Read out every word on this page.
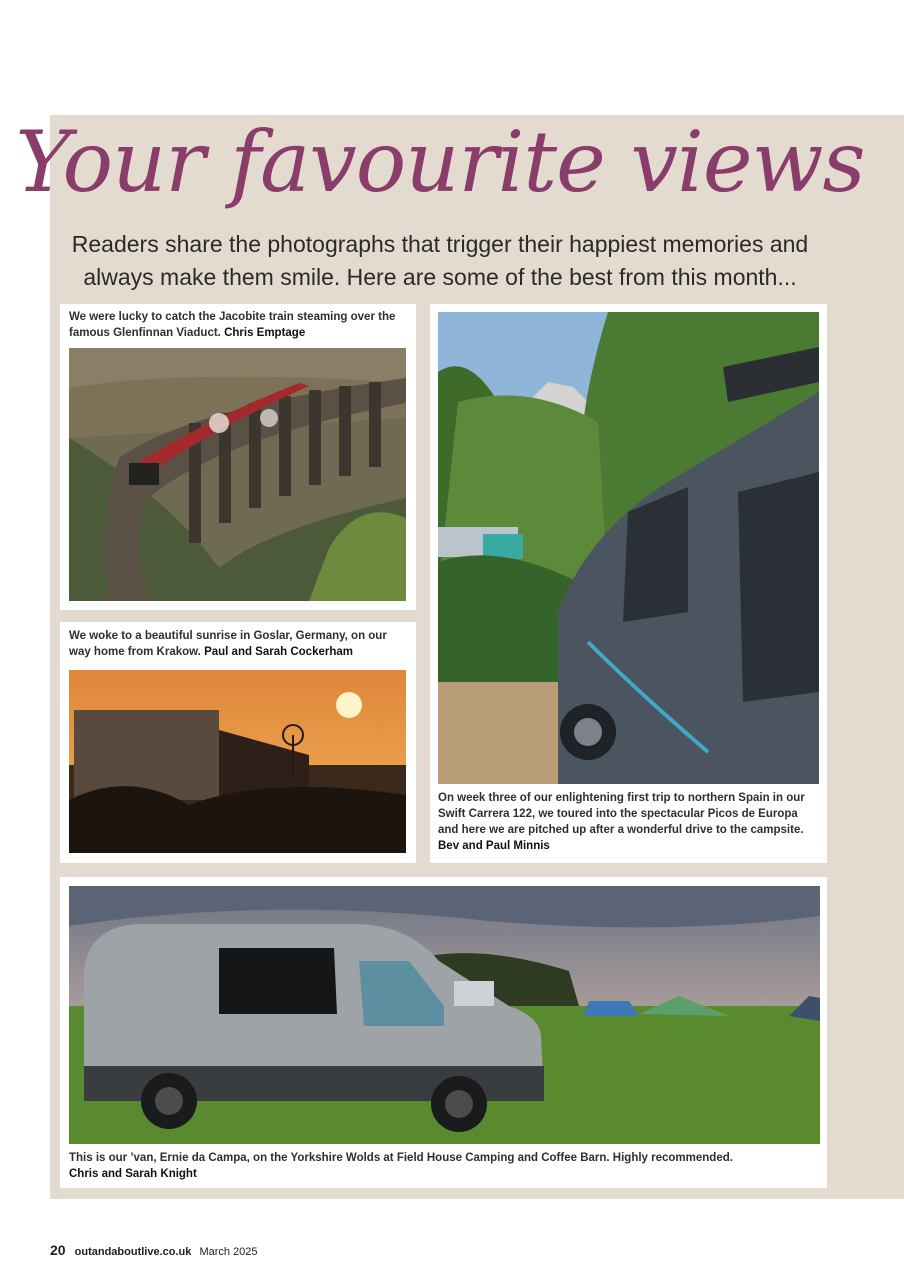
Your favourite views
Readers share the photographs that trigger their happiest memories and always make them smile. Here are some of the best from this month...
We were lucky to catch the Jacobite train steaming over the famous Glenfinnan Viaduct. Chris Emptage
We woke to a beautiful sunrise in Goslar, Germany, on our way home from Krakow. Paul and Sarah Cockerham
On week three of our enlightening first trip to northern Spain in our Swift Carrera 122, we toured into the spectacular Picos de Europa and here we are pitched up after a wonderful drive to the campsite. Bev and Paul Minnis
This is our ’van, Ernie da Campa, on the Yorkshire Wolds at Field House Camping and Coffee Barn. Highly recommended.
Chris and Sarah Knight
20 outandaboutlive.co.uk March 2025
